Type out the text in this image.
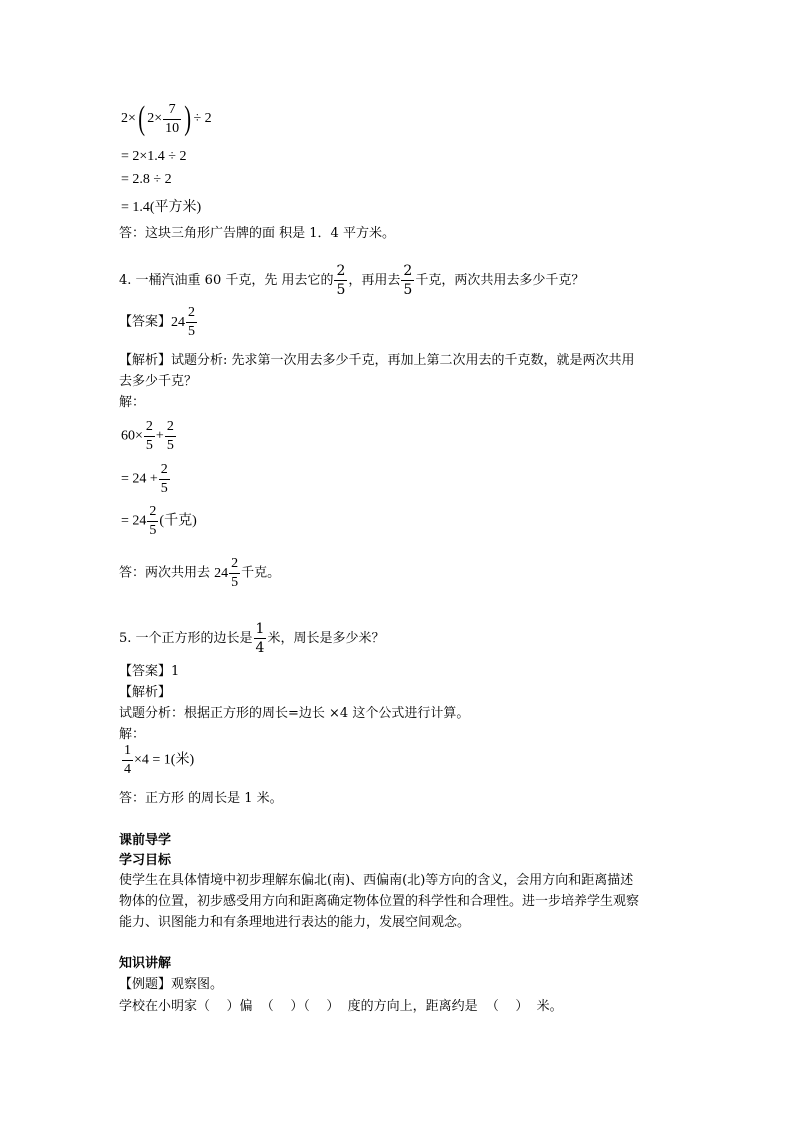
2×( $2\times \frac{7}{10}$ ) ÷ 2
= 2×1.4 ÷ 2
= 2.8 ÷ 2
= 1.4(平方米)
答：这块三角形广告牌的面 积是 1．4 平方米。
4. 一桶汽油重 60 千克，先 用去它的 $\frac{2}{5}$ ，再用去 $\frac{2}{5}$ 千克，两次共用去多少千克？
【答案】 $24 \frac{2}{5}$
【解析】试题分析: 先求第一次用去多少千克，再加上第二次用去的千克数，就是两次共用
去多少千克？
解：
$60\times \frac{2}{5} + \frac{2}{5}$
= $24 + \frac{2}{5}$
= $24 \frac{2}{5}$ (千克)
答：两次共用去 $24 \frac{2}{5}$ 千克。
5. 一个正方形的边长是 $\frac{1}{4}$ 米，周长是多少米？
【答案】1
【解析】
试题分析：根据正方形的周长=边长 ×4 这个公式进行计算。
解：
$\frac{1}{4} \times 4 = 1$(米)
答：正方形 的周长是 1 米。
课前导学
学习目标
使学生在具体情境中初步理解东偏北(南)、西偏南(北)等方向的含义，会用方向和距离描述
物体的位置，初步感受用方向和距离确定物体位置的科学性和合理性。进一步培养学生观察
能力、识图能力和有条理地进行表达的能力，发展空间观念。
知识讲解
【例题】观察图。
学校在小明家（    ）偏  （    ）（    ）  度的方向上，距离约是  （    ）  米。
